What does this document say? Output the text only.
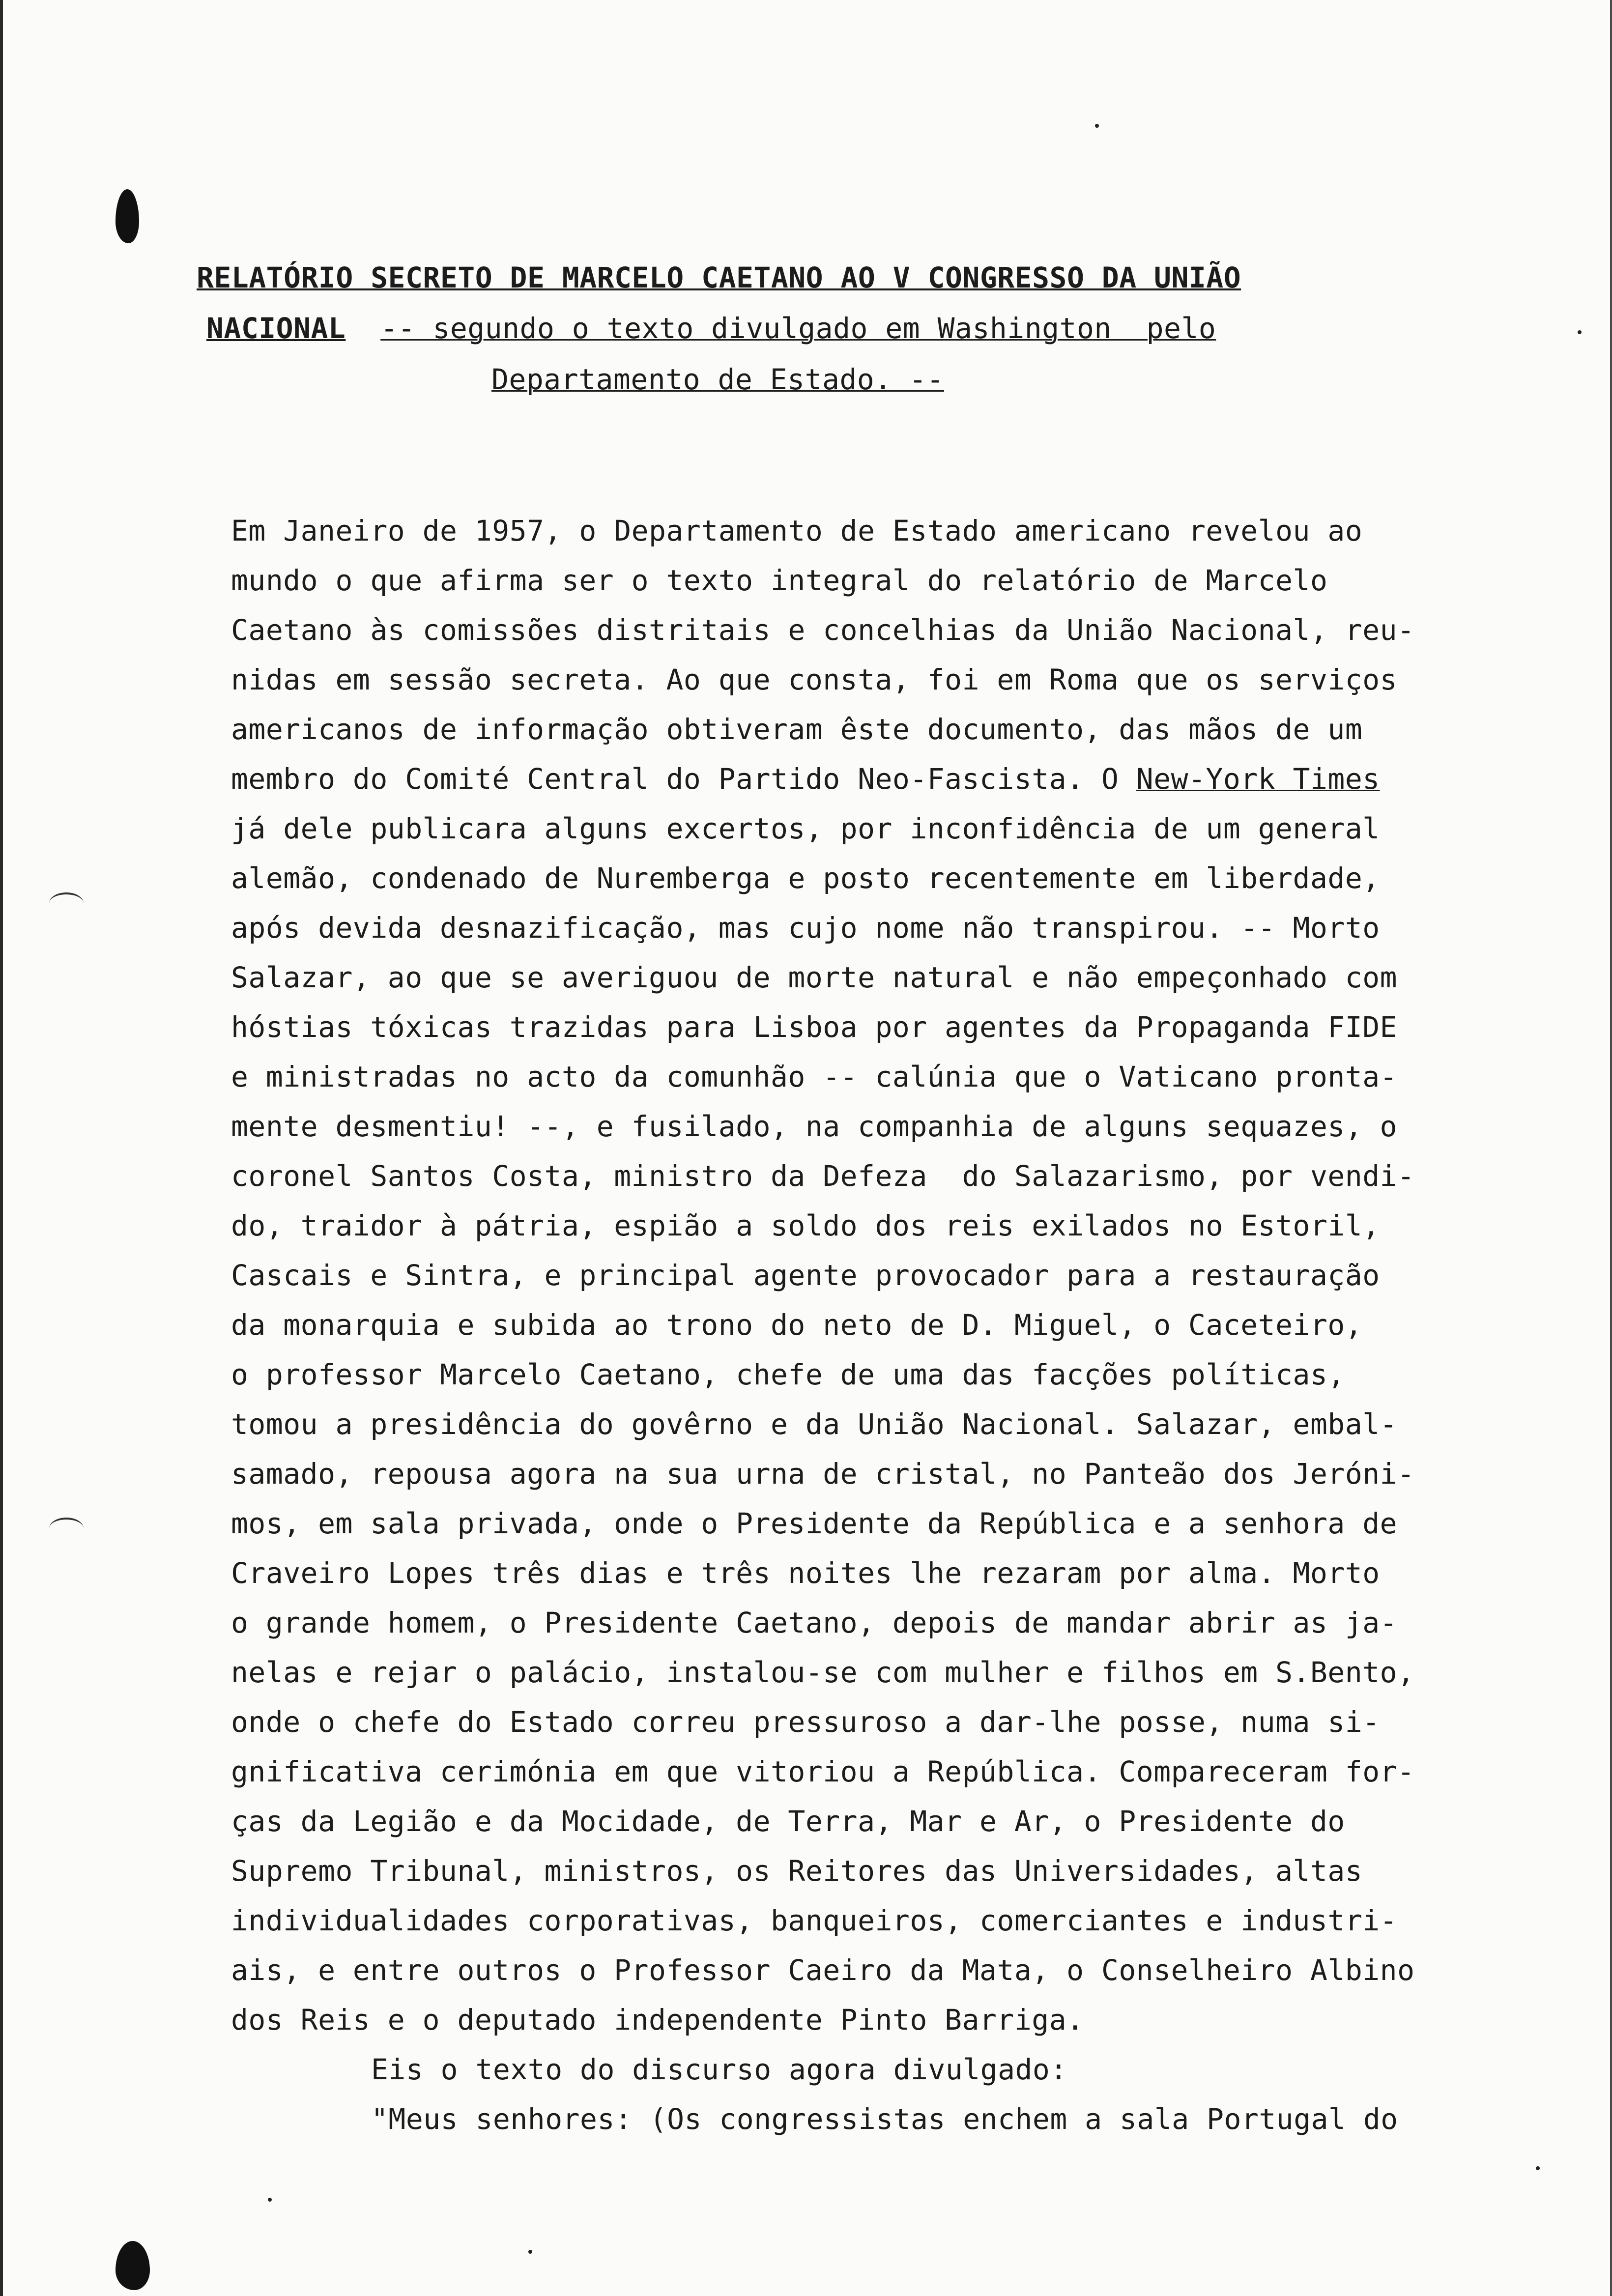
RELATÓRIO SECRETO DE MARCELO CAETANO AO V CONGRESSO DA UNIÃO
NACIONAL -- segundo o texto divulgado em Washington  pelo
Departamento de Estado. --
Em Janeiro de 1957, o Departamento de Estado americano revelou ao
mundo o que afirma ser o texto integral do relatório de Marcelo
Caetano às comissões distritais e concelhias da União Nacional, reu-
nidas em sessão secreta. Ao que consta, foi em Roma que os serviços
americanos de informação obtiveram êste documento, das mãos de um
membro do Comité Central do Partido Neo-Fascista. O New-York Times
já dele publicara alguns excertos, por inconfidência de um general
alemão, condenado de Nuremberga e posto recentemente em liberdade,
após devida desnazificação, mas cujo nome não transpirou. -- Morto
Salazar, ao que se averiguou de morte natural e não empeçonhado com
hóstias tóxicas trazidas para Lisboa por agentes da Propaganda FIDE
e ministradas no acto da comunhão -- calúnia que o Vaticano pronta-
mente desmentiu! --, e fusilado, na companhia de alguns sequazes, o
coronel Santos Costa, ministro da Defeza  do Salazarismo, por vendi-
do, traidor à pátria, espião a soldo dos reis exilados no Estoril,
Cascais e Sintra, e principal agente provocador para a restauração
da monarquia e subida ao trono do neto de D. Miguel, o Caceteiro,
o professor Marcelo Caetano, chefe de uma das facções políticas,
tomou a presidência do govêrno e da União Nacional. Salazar, embal-
samado, repousa agora na sua urna de cristal, no Panteão dos Jeróni-
mos, em sala privada, onde o Presidente da República e a senhora de
Craveiro Lopes três dias e três noites lhe rezaram por alma. Morto
o grande homem, o Presidente Caetano, depois de mandar abrir as ja-
nelas e rejar o palácio, instalou-se com mulher e filhos em S.Bento,
onde o chefe do Estado correu pressuroso a dar-lhe posse, numa si-
gnificativa cerimónia em que vitoriou a República. Compareceram for-
ças da Legião e da Mocidade, de Terra, Mar e Ar, o Presidente do
Supremo Tribunal, ministros, os Reitores das Universidades, altas
individualidades corporativas, banqueiros, comerciantes e industri-
ais, e entre outros o Professor Caeiro da Mata, o Conselheiro Albino
dos Reis e o deputado independente Pinto Barriga.
Eis o texto do discurso agora divulgado:
"Meus senhores: (Os congressistas enchem a sala Portugal do
